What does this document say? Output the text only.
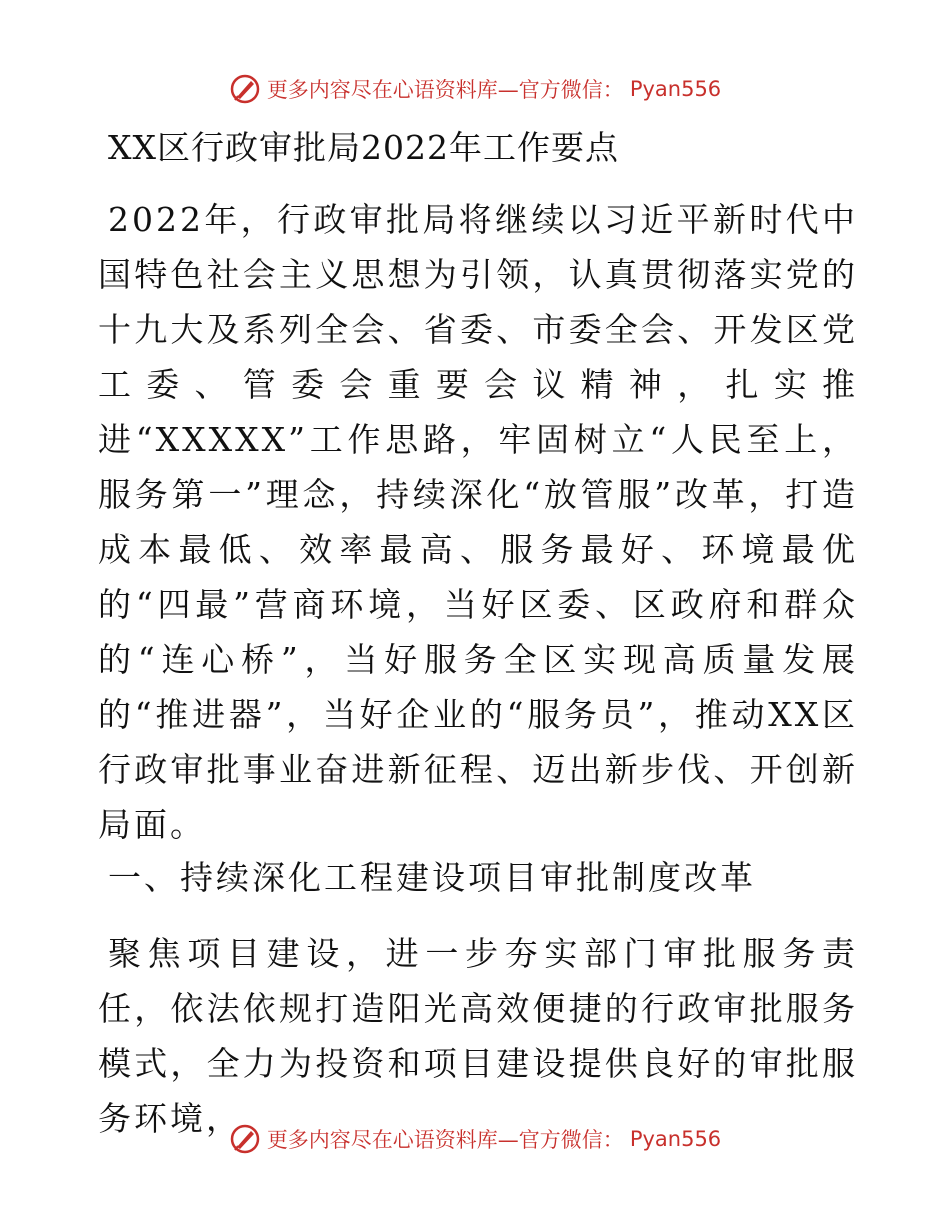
更多内容尽在心语资料库—官方微信： Pyan556
XX区行政审批局2022年工作要点

2022年，行政审批局将继续以习近平新时代中国特色社会主义思想为引领，认真贯彻落实党的十九大及系列全会、省委、市委全会、开发区党工委、管委会重要会议精神，扎实推进“XXXXX”工作思路，牢固树立“人民至上，服务第一”理念，持续深化“放管服”改革，打造成本最低、效率最高、服务最好、环境最优的“四最”营商环境，当好区委、区政府和群众的“连心桥”，当好服务全区实现高质量发展的“推进器”，当好企业的“服务员”，推动XX区行政审批事业奋进新征程、迈出新步伐、开创新局面。

一、持续深化工程建设项目审批制度改革

聚焦项目建设，进一步夯实部门审批服务责任，依法依规打造阳光高效便捷的行政审批服务模式，全力为投资和项目建设提供良好的审批服务环境，

更多内容尽在心语资料库—官方微信： Pyan556
